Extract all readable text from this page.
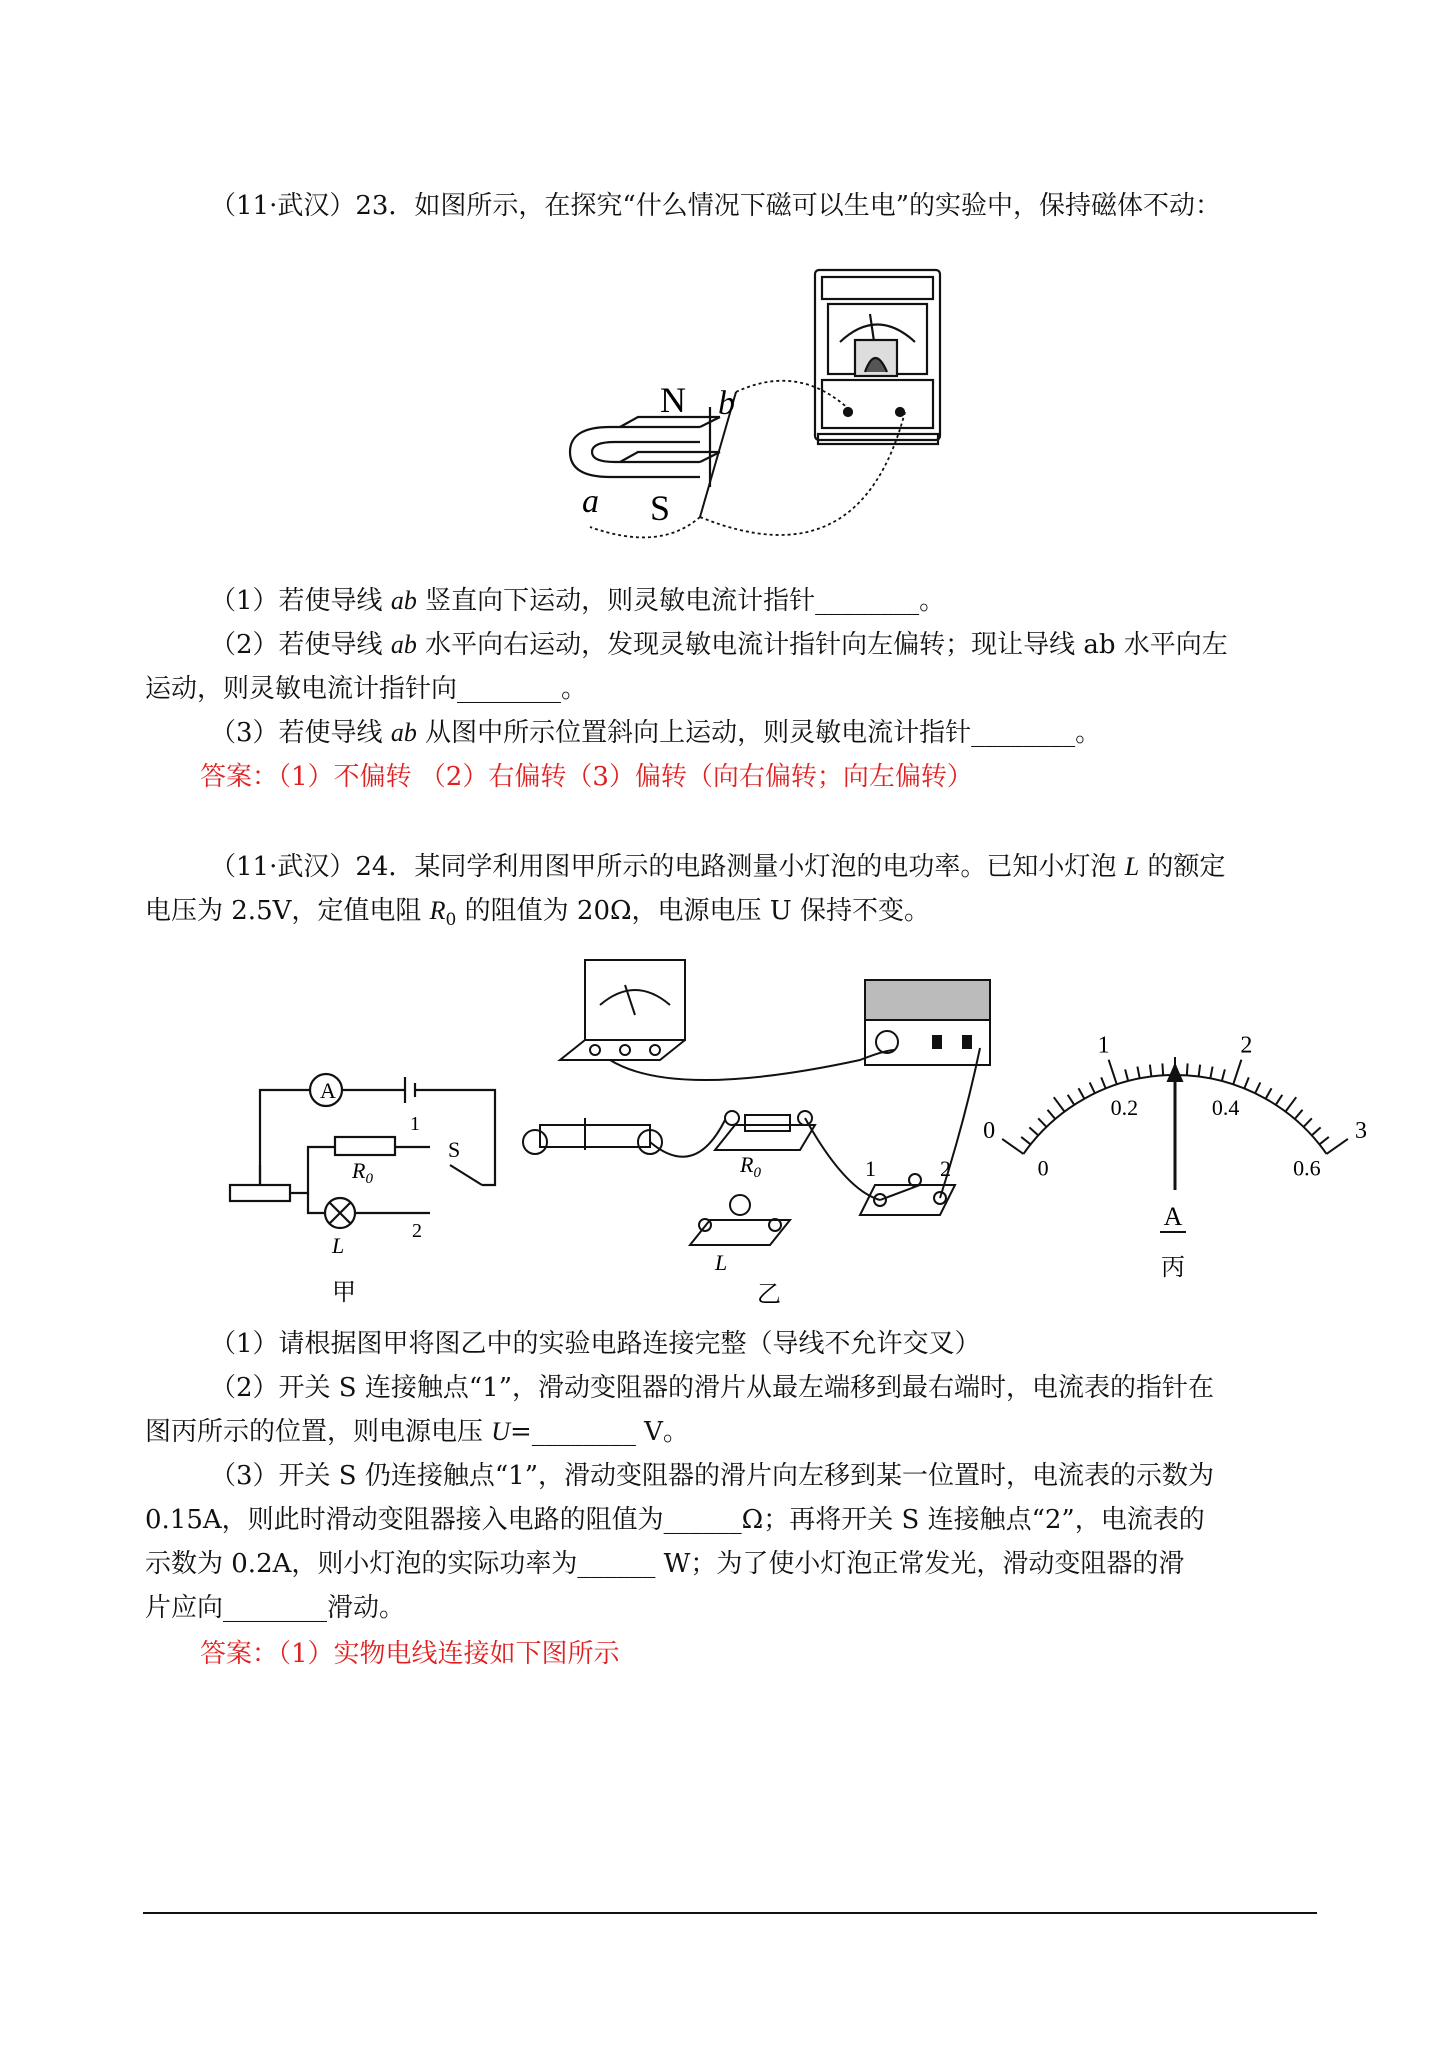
（11·武汉）23．如图所示，在探究“什么情况下磁可以生电”的实验中，保持磁体不动：
N
S
a
b
（1）若使导线 ab 竖直向下运动，则灵敏电流计指针________。
（2）若使导线 ab 水平向右运动，发现灵敏电流计指针向左偏转；现让导线 ab 水平向左
运动，则灵敏电流计指针向________。
（3）若使导线 ab 从图中所示位置斜向上运动，则灵敏电流计指针________。
答案：（1）不偏转 （2）右偏转（3）偏转（向右偏转；向左偏转）
（11·武汉）24．某同学利用图甲所示的电路测量小灯泡的电功率。已知小灯泡 L 的额定
电压为 2.5V，定值电阻 $R_0$ 的阻值为 20Ω，电源电压 U 保持不变。
A
$R_0$
L
S
1
2
甲
$R_0$
L
1	2
乙
0
1	2
3
0
0.2	0.4
0.6
A
丙
（1）请根据图甲将图乙中的实验电路连接完整（导线不允许交叉）
（2）开关 S 连接触点“1”，滑动变阻器的滑片从最左端移到最右端时，电流表的指针在
图丙所示的位置，则电源电压 U=________ V。
（3）开关 S 仍连接触点“1”，滑动变阻器的滑片向左移到某一位置时，电流表的示数为
0.15A，则此时滑动变阻器接入电路的阻值为______Ω；再将开关 S 连接触点“2”，电流表的
示数为 0.2A，则小灯泡的实际功率为______ W；为了使小灯泡正常发光，滑动变阻器的滑
片应向________滑动。
答案：（1）实物电线连接如下图所示
